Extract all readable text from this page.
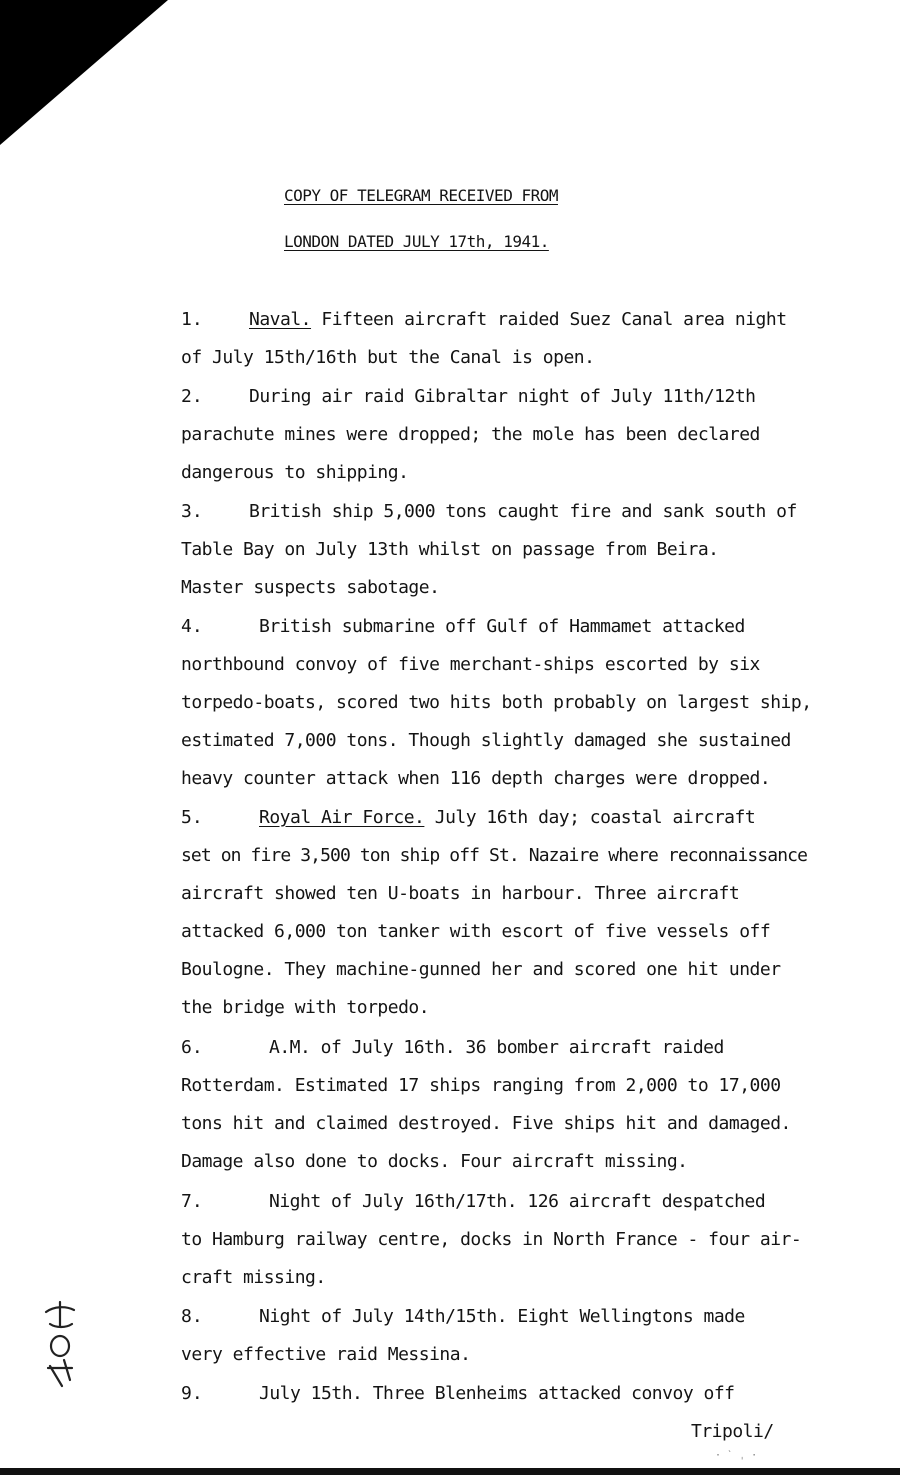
COPY OF TELEGRAM RECEIVED FROM
LONDON DATED JULY 17th, 1941.
1.	Naval. Fifteen aircraft raided Suez Canal area night
of July 15th/16th but the Canal is open.
2.	During air raid Gibraltar night of July 11th/12th
parachute mines were dropped; the mole has been declared
dangerous to shipping.
3.	British ship 5,000 tons caught fire and sank south of
Table Bay on July 13th whilst on passage from Beira.
Master suspects sabotage.
4.	British submarine off Gulf of Hammamet attacked
northbound convoy of five merchant-ships escorted by six
torpedo-boats, scored two hits both probably on largest ship,
estimated 7,000 tons. Though slightly damaged she sustained
heavy counter attack when 116 depth charges were dropped.
5.	Royal Air Force. July 16th day; coastal aircraft
set on fire 3,500 ton ship off St. Nazaire where reconnaissance
aircraft showed ten U-boats in harbour. Three aircraft
attacked 6,000 ton tanker with escort of five vessels off
Boulogne. They machine-gunned her and scored one hit under
the bridge with torpedo.
6.	A.M. of July 16th. 36 bomber aircraft raided
Rotterdam. Estimated 17 ships ranging from 2,000 to 17,000
tons hit and claimed destroyed. Five ships hit and damaged.
Damage also done to docks. Four aircraft missing.
7.	Night of July 16th/17th. 126 aircraft despatched
to Hamburg railway centre, docks in North France - four air-
craft missing.
8.	Night of July 14th/15th. Eight Wellingtons made
very effective raid Messina.
9.	July 15th. Three Blenheims attacked convoy off
Tripoli/
· ˋ ˌ ·
